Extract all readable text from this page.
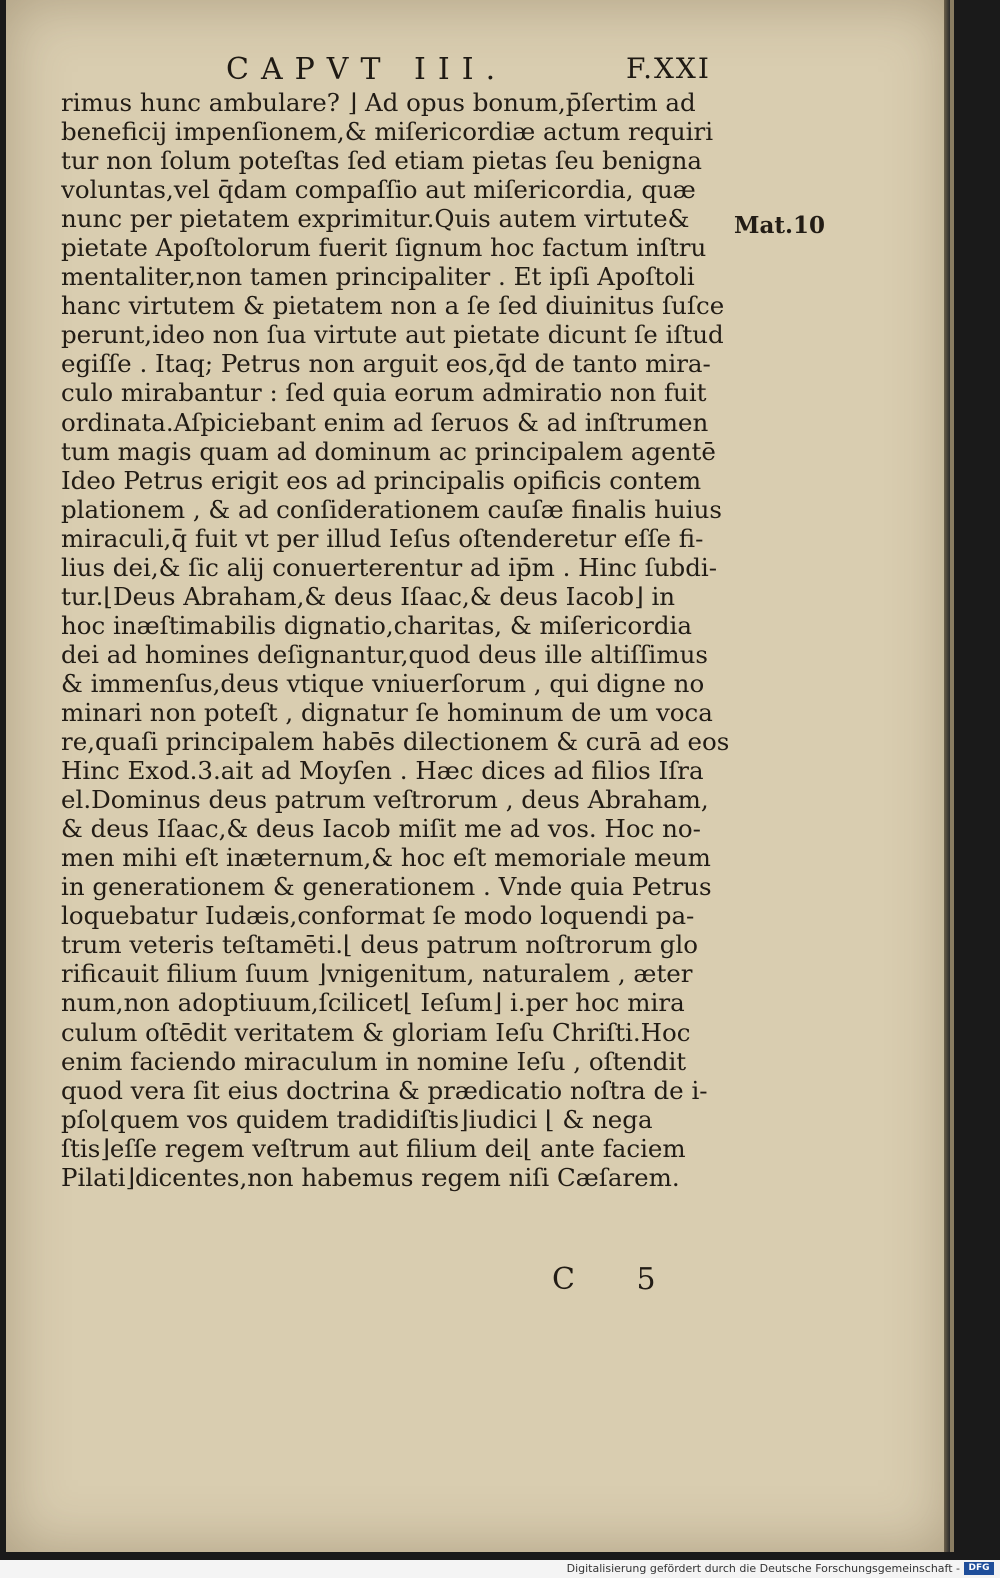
CAPVT III.	F.XXI
rimus hunc ambulare? ⌋ Ad opus bonum,p̄ſertim ad
beneficij impenſionem,& miſericordiæ actum requiri
tur non ſolum poteſtas ſed etiam pietas ſeu benigna
voluntas,vel q̄dam compaſſio aut miſericordia, quæ
nunc per pietatem exprimitur.Quis autem virtute&
pietate Apoſtolorum fuerit ſignum hoc factum inſtru
mentaliter,non tamen principaliter . Et ipſi Apoſtoli
hanc virtutem & pietatem non a ſe ſed diuinitus ſuſce
perunt,ideo non ſua virtute aut pietate dicunt ſe iſtud
egiſſe . Itaq; Petrus non arguit eos,q̄d de tanto mira-
culo mirabantur : ſed quia eorum admiratio non fuit
ordinata.Aſpiciebant enim ad ſeruos & ad inſtrumen
tum magis quam ad dominum ac principalem agentē
Ideo Petrus erigit eos ad principalis opificis contem
plationem , & ad conſiderationem cauſæ finalis huius
miraculi,q̄ fuit vt per illud Ieſus oſtenderetur eſſe fi-
lius dei,& ſic alij conuerterentur ad ip̄m . Hinc ſubdi-
tur.⌊Deus Abraham,& deus Iſaac,& deus Iacob⌋ in
hoc inæſtimabilis dignatio,charitas, & miſericordia
dei ad homines deſignantur,quod deus ille altiſſimus
& immenſus,deus vtique vniuerſorum , qui digne no
minari non poteſt , dignatur ſe hominum de um voca
re,quaſi principalem habēs dilectionem & curā ad eos
Hinc Exod.3.ait ad Moyſen . Hæc dices ad filios Iſra
el.Dominus deus patrum veſtrorum , deus Abraham,
& deus Iſaac,& deus Iacob miſit me ad vos. Hoc no-
men mihi eſt inæternum,& hoc eſt memoriale meum
in generationem & generationem . Vnde quia Petrus
loquebatur Iudæis,conformat ſe modo loquendi pa-
trum veteris teſtamēti.⌊ deus patrum noſtrorum glo
rificauit filium ſuum ⌋vnigenitum, naturalem , æter
num,non adoptiuum,ſcilicet⌊ Ieſum⌋ i.per hoc mira
culum oſtēdit veritatem & gloriam Ieſu Chriſti.Hoc
enim faciendo miraculum in nomine Ieſu , oſtendit
quod vera ſit eius doctrina & prædicatio noſtra de i-
pſo⌊quem vos quidem tradidiſtis⌋iudici ⌊ & nega
ſtis⌋eſſe regem veſtrum aut filium dei⌊ ante faciem
Pilati⌋dicentes,non habemus regem niſi Cæſarem.
Mat.10
C 5
Digitalisierung gefördert durch die Deutsche Forschungsgemeinschaft - DFG
